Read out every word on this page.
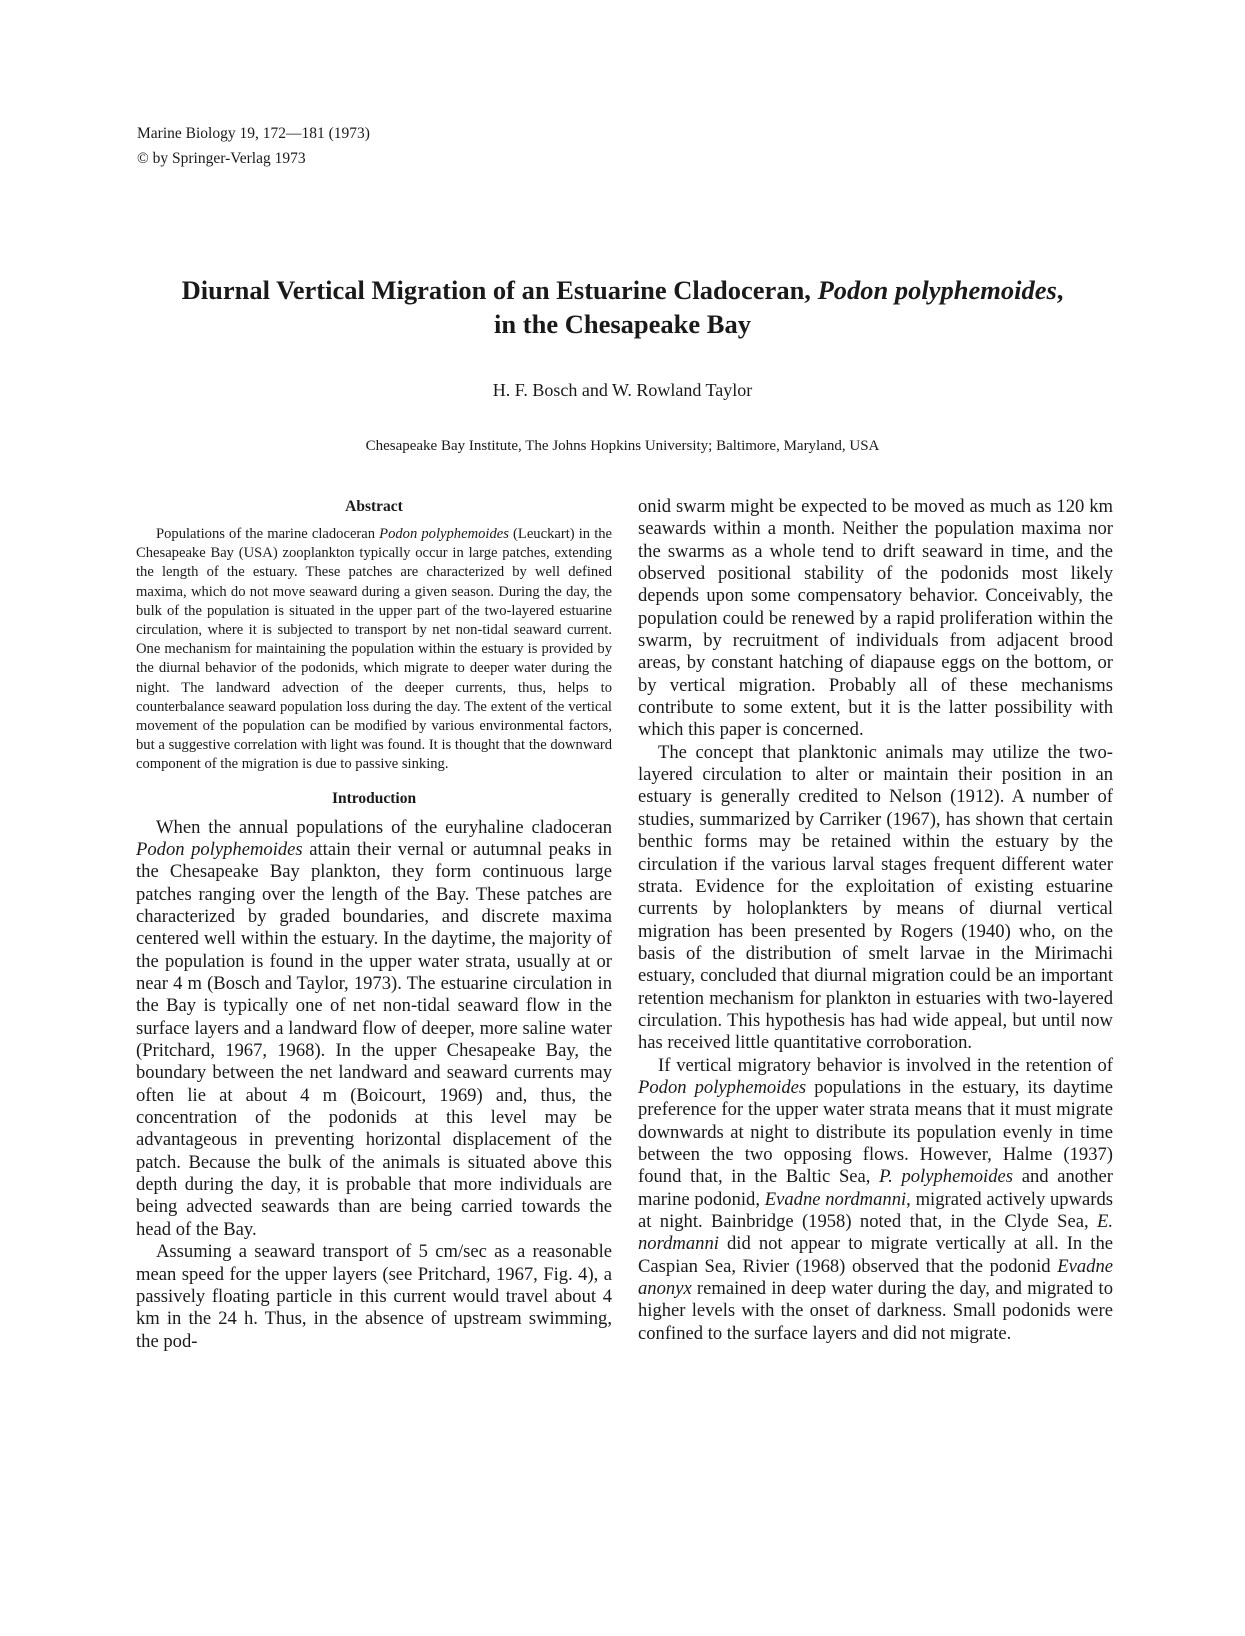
Marine Biology 19, 172—181 (1973)
© by Springer-Verlag 1973
Diurnal Vertical Migration of an Estuarine Cladoceran, Podon polyphemoides,
in the Chesapeake Bay
H. F. Bosch and W. Rowland Taylor
Chesapeake Bay Institute, The Johns Hopkins University; Baltimore, Maryland, USA
Abstract

Populations of the marine cladoceran Podon polyphemoides (Leuckart) in the Chesapeake Bay (USA) zooplankton typically occur in large patches, extending the length of the estuary. These patches are characterized by well defined maxima, which do not move seaward during a given season. During the day, the bulk of the population is situated in the upper part of the two-layered estuarine circulation, where it is subjected to transport by net non-tidal seaward current. One mechanism for maintaining the population within the estuary is provided by the diurnal behavior of the podonids, which migrate to deeper water during the night. The landward advection of the deeper currents, thus, helps to counterbalance seaward population loss during the day. The extent of the vertical movement of the population can be modified by various environmental factors, but a suggestive correlation with light was found. It is thought that the downward component of the migration is due to passive sinking.

Introduction

When the annual populations of the euryhaline cladoceran Podon polyphemoides attain their vernal or autumnal peaks in the Chesapeake Bay plankton, they form continuous large patches ranging over the length of the Bay. These patches are characterized by graded boundaries, and discrete maxima centered well within the estuary. In the daytime, the majority of the population is found in the upper water strata, usually at or near 4 m (Bosch and Taylor, 1973). The estuarine circulation in the Bay is typically one of net non-tidal seaward flow in the surface layers and a landward flow of deeper, more saline water (Pritchard, 1967, 1968). In the upper Chesapeake Bay, the boundary between the net landward and seaward currents may often lie at about 4 m (Boicourt, 1969) and, thus, the concentration of the podonids at this level may be advantageous in preventing horizontal displacement of the patch. Because the bulk of the animals is situated above this depth during the day, it is probable that more individuals are being advected seawards than are being carried towards the head of the Bay.

Assuming a seaward transport of 5 cm/sec as a reasonable mean speed for the upper layers (see Pritchard, 1967, Fig. 4), a passively floating particle in this current would travel about 4 km in the 24 h. Thus, in the absence of upstream swimming, the pod-

onid swarm might be expected to be moved as much as 120 km seawards within a month. Neither the population maxima nor the swarms as a whole tend to drift seaward in time, and the observed positional stability of the podonids most likely depends upon some compensatory behavior. Conceivably, the population could be renewed by a rapid proliferation within the swarm, by recruitment of individuals from adjacent brood areas, by constant hatching of diapause eggs on the bottom, or by vertical migration. Probably all of these mechanisms contribute to some extent, but it is the latter possibility with which this paper is concerned.

The concept that planktonic animals may utilize the two-layered circulation to alter or maintain their position in an estuary is generally credited to Nelson (1912). A number of studies, summarized by Carriker (1967), has shown that certain benthic forms may be retained within the estuary by the circulation if the various larval stages frequent different water strata. Evidence for the exploitation of existing estuarine currents by holoplankters by means of diurnal vertical migration has been presented by Rogers (1940) who, on the basis of the distribution of smelt larvae in the Mirimachi estuary, concluded that diurnal migration could be an important retention mechanism for plankton in estuaries with two-layered circulation. This hypothesis has had wide appeal, but until now has received little quantitative corroboration.

If vertical migratory behavior is involved in the retention of Podon polyphemoides populations in the estuary, its daytime preference for the upper water strata means that it must migrate downwards at night to distribute its population evenly in time between the two opposing flows. However, Halme (1937) found that, in the Baltic Sea, P. polyphemoides and another marine podonid, Evadne nordmanni, migrated actively upwards at night. Bainbridge (1958) noted that, in the Clyde Sea, E. nordmanni did not appear to migrate vertically at all. In the Caspian Sea, Rivier (1968) observed that the podonid Evadne anonyx remained in deep water during the day, and migrated to higher levels with the onset of darkness. Small podonids were confined to the surface layers and did not migrate.
